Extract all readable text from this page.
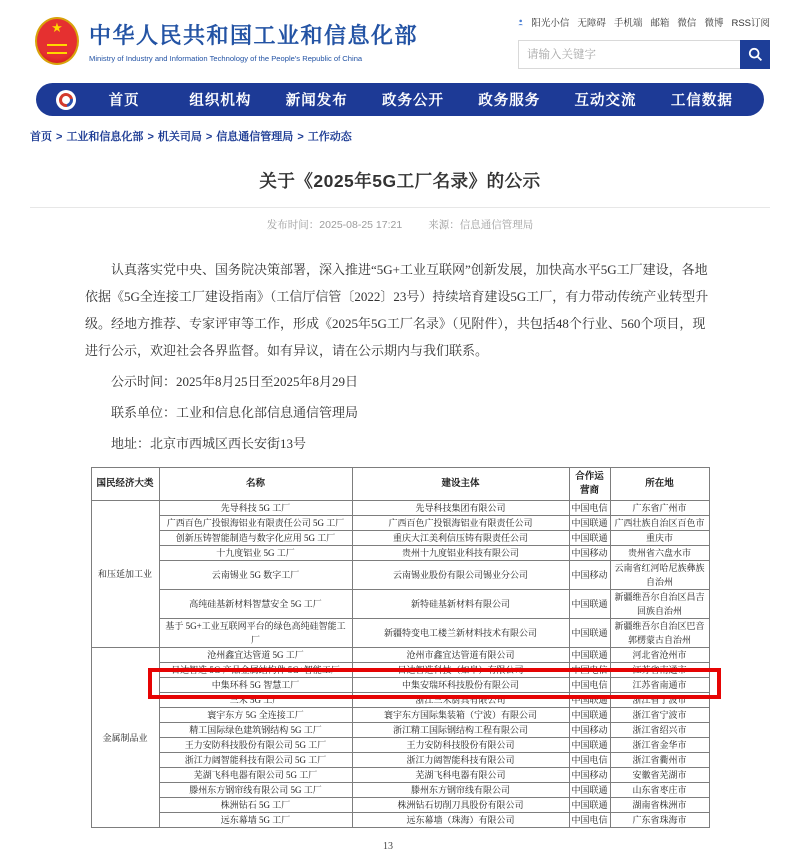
★	中华人民共和国工业和信息化部
Ministry of Industry and Information Technology of the People's Republic of China
阳光小信 无障碍 手机端 邮箱 微信 微博 RSS订阅
请输入关键字
首页	组织机构	新闻发布	政务公开	政务服务	互动交流	工信数据
首页 > 工业和信息化部 > 机关司局 > 信息通信管理局 > 工作动态
关于《2025年5G工厂名录》的公示
发布时间：2025-08-25 17:21 来源：信息通信管理局

认真落实党中央、国务院决策部署，深入推进“5G+工业互联网”创新发展，加快高水平5G工厂建设，各地依据《5G全连接工厂建设指南》（工信厅信管〔2022〕23号）持续培育建设5G工厂，有力带动传统产业转型升级。经地方推荐、专家评审等工作，形成《2025年5G工厂名录》（见附件），共包括48个行业、560个项目，现进行公示，欢迎社会各界监督。如有异议，请在公示期内与我们联系。

公示时间：2025年8月25日至2025年8月29日

联系单位：工业和信息化部信息通信管理局

地址：北京市西城区西长安街13号

国民经济大类	名称	建设主体	合作运营商	所在地
和压延加工业	先导科技 5G 工厂	先导科技集团有限公司	中国电信	广东省广州市
	广西百色广投银海铝业有限责任公司 5G 工厂	广西百色广投银海铝业有限责任公司	中国联通	广西壮族自治区百色市
	创新压铸智能制造与数字化应用 5G 工厂	重庆大江美利信压铸有限责任公司	中国联通	重庆市
	十九度铝业 5G 工厂	贵州十九度铝业科技有限公司	中国移动	贵州省六盘水市
	云南锡业 5G 数字工厂	云南锡业股份有限公司锡业分公司	中国移动	云南省红河哈尼族彝族自治州
	高纯硅基新材料智慧安全 5G 工厂	新特硅基新材料有限公司	中国联通	新疆维吾尔自治区昌吉回族自治州
	基于 5G+工业互联网平台的绿色高纯硅智能工厂	新疆特变电工楼兰新材料技术有限公司	中国联通	新疆维吾尔自治区巴音郭楞蒙古自治州
金属制品业	沧州鑫宜达管道 5G 工厂	沧州市鑫宜达管道有限公司	中国联通	河北省沧州市
	日达智造 5G 产品金属结构件 5G+智能工厂	日达智造科技（如皋）有限公司	中国电信	江苏省南通市
	中集环科 5G 智慧工厂	中集安瑞环科技股份有限公司	中国电信	江苏省南通市
	三禾 5G 工厂	浙江三禾厨具有限公司	中国联通	浙江省宁波市
	寰宇东方 5G 全连接工厂	寰宇东方国际集装箱（宁波）有限公司	中国联通	浙江省宁波市
	精工国际绿色建筑钢结构 5G 工厂	浙江精工国际钢结构工程有限公司	中国移动	浙江省绍兴市
	王力安防科技股份有限公司 5G 工厂	王力安防科技股份有限公司	中国联通	浙江省金华市
	浙江力阔智能科技有限公司 5G 工厂	浙江力阔智能科技有限公司	中国电信	浙江省衢州市
	芜湖飞科电器有限公司 5G 工厂	芜湖飞科电器有限公司	中国移动	安徽省芜湖市
	滕州东方钢帘线有限公司 5G 工厂	滕州东方钢帘线有限公司	中国联通	山东省枣庄市
	株洲钻石 5G 工厂	株洲钻石切削刀具股份有限公司	中国联通	湖南省株洲市
	远东幕墙 5G 工厂	远东幕墙（珠海）有限公司	中国电信	广东省珠海市
13
